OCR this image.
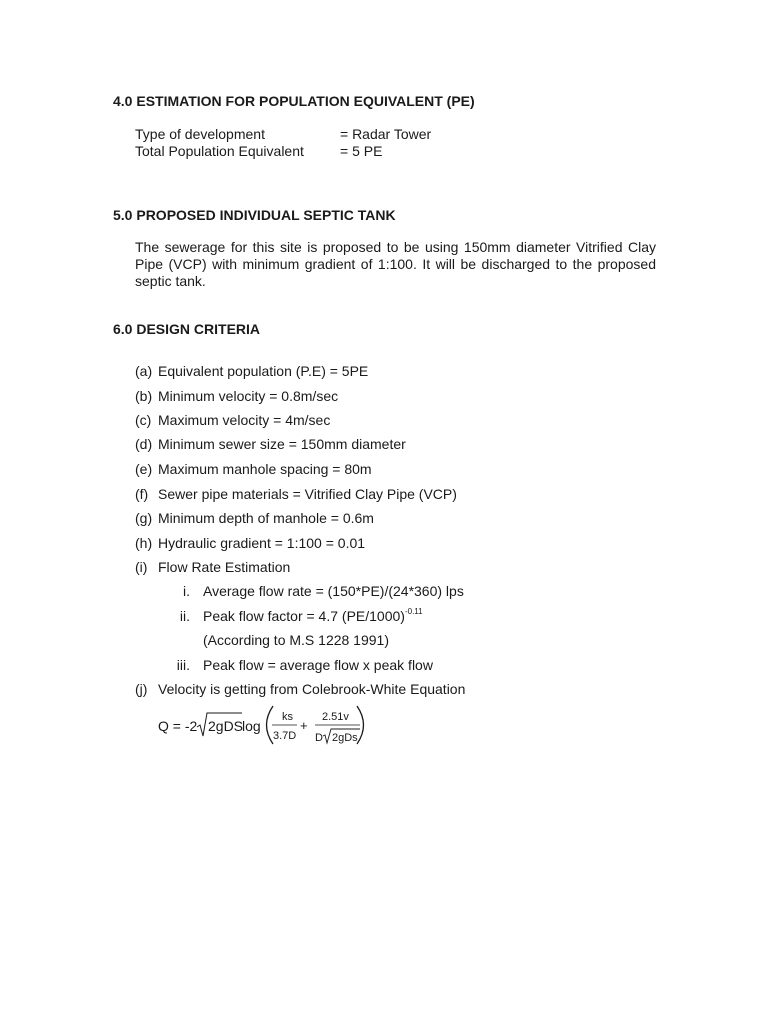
4.0 ESTIMATION FOR POPULATION EQUIVALENT (PE)
Type of development	= Radar Tower
Total Population Equivalent	= 5 PE
5.0 PROPOSED INDIVIDUAL SEPTIC TANK
The sewerage for this site is proposed to be using 150mm diameter Vitrified Clay Pipe (VCP) with minimum gradient of 1:100. It will be discharged to the proposed septic tank.
6.0 DESIGN CRITERIA
(a) Equivalent population (P.E) = 5PE
(b) Minimum velocity = 0.8m/sec
(c) Maximum velocity = 4m/sec
(d) Minimum sewer size = 150mm diameter
(e) Maximum manhole spacing = 80m
(f) Sewer pipe materials = Vitrified Clay Pipe (VCP)
(g) Minimum depth of manhole = 0.6m
(h) Hydraulic gradient = 1:100 = 0.01
(i) Flow Rate Estimation
i. Average flow rate = (150*PE)/(24*360) lps
ii. Peak flow factor = 4.7 $(PE/1000)^{-0.11}$
(According to M.S 1228 1991)
iii. Peak flow = average flow x peak flow
(j) Velocity is getting from Colebrook-White Equation
Q = -2 2gDS
log
ks
3.7D
+
2.51v
D 2gDs
